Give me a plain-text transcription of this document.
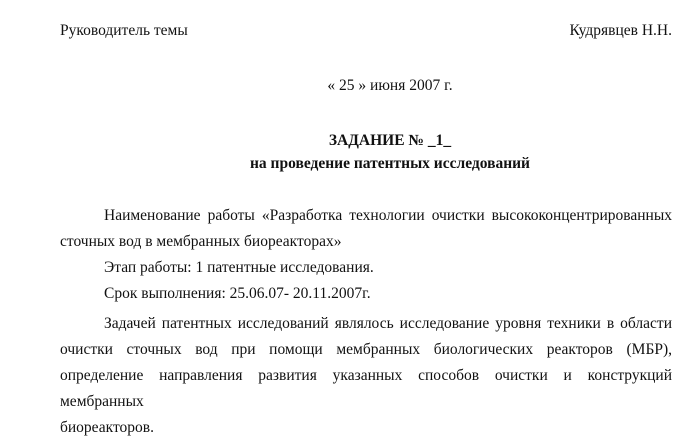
Руководитель темы	Кудрявцев Н.Н.
« 25 » июня 2007 г.
ЗАДАНИЕ № _1_
на проведение патентных исследований
Наименование работы «Разработка технологии очистки высококонцентрированных
сточных вод в мембранных биореакторах»
Этап работы: 1 патентные исследования.
Срок выполнения: 25.06.07- 20.11.2007г.
Задачей патентных исследований являлось исследование уровня техники в области
очистки сточных вод при помощи мембранных биологических реакторов (МБР),
определение направления развития указанных способов очистки и конструкций мембранных
биореакторов.
